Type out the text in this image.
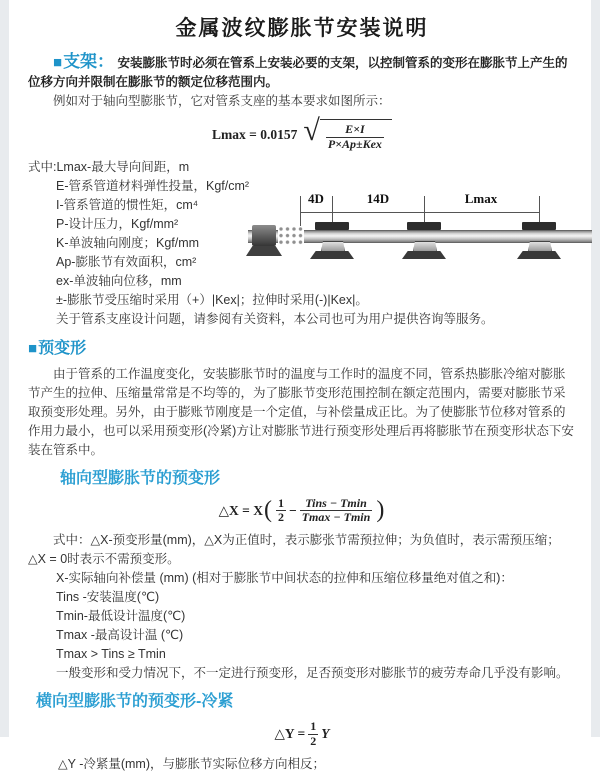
金属波纹膨胀节安装说明

■支架： 安装膨胀节时必须在管系上安装必要的支架，以控制管系的变形在膨胀节上产生的位移方向并限制在膨胀节的额定位移范围内。

例如对于轴向型膨胀节，它对管系支座的基本要求如图所示：

Lmax = 0.0157 √ $\frac{E\times I}{\text{P×Ap±Kex}}$

式中:Lmax-最大导向间距，m

E-管系管道材料弹性投量，Kgf/cm²

I-管系管道的惯性矩，cm⁴

P-设计压力，Kgf/mm²

K-单波轴向刚度；Kgf/mm

Ap-膨胀节有效面积，cm²

ex-单波轴向位移，mm

±-膨胀节受压缩时采用（+）|Kex|；拉伸时采用(-)|Kex|。

关于管系支座设计问题，请参阅有关资料，本公司也可为用户提供咨询等服务。

■预变形

由于管系的工作温度变化，安装膨胀节时的温度与工作时的温度不同，管系热膨胀冷缩对膨胀节产生的拉伸、压缩量常常是不均等的，为了膨胀节变形范围控制在额定范围内，需要对膨胀节采取预变形处理。另外，由于膨账节刚度是一个定值，与补偿量成正比。为了使膨胀节位移对管系的作用力最小，也可以采用预变形(冷紧)方让对膨胀节进行预变形处理后再将膨胀节在预变形状态下安装在管系中。

轴向型膨胀节的预变形
△X = X ( $\frac{1}{2} - \frac{\text{Tins − Tmin}}{Tmax - Tmin}$ )

式中：△X-预变形量(mm)，△X为正值时，表示膨张节需预拉伸；为负值时，表示需预压缩；△X = 0时表示不需预变形。

X-实际轴向补偿量 (mm) (相对于膨胀节中间状态的拉伸和压缩位移量绝对值之和)：

Tins -安装温度(℃)

Tmin-最低设计温度(℃)

Tmax -最高设计温 (℃)

Tmax > Tins ≥ Tmin

一般变形和受力情况下，不一定进行预变形，足否预变形对膨胀节的疲劳寿命几乎没有影响。

横向型膨胀节的预变形-冷紧
△Y = $\frac{1}{2}$ Y

△Y -冷紧量(mm)，与膨胀节实际位移方向相反；

4D	14D	Lmax
